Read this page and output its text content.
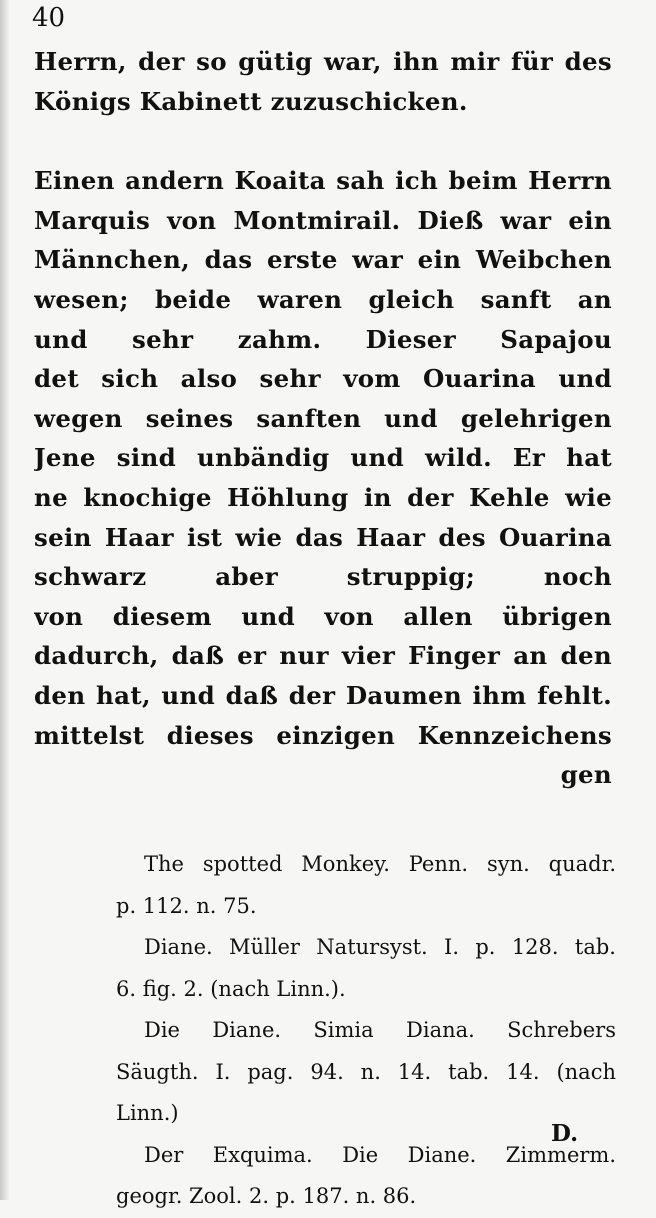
40
Herrn, der so gütig war, ihn mir für des
Königs Kabinett zuzuschicken.
Einen andern Koaita sah ich beim Herrn
Marquis von Montmirail. Dieß war ein
Männchen, das erste war ein Weibchen
wesen; beide waren gleich sanft an
und sehr zahm. Dieser Sapajou
det sich also sehr vom Ouarina und
wegen seines sanften und gelehrigen
Jene sind unbändig und wild. Er hat
ne knochige Höhlung in der Kehle wie
sein Haar ist wie das Haar des Ouarina
schwarz aber struppig; noch
von diesem und von allen übrigen
dadurch, daß er nur vier Finger an den
den hat, und daß der Daumen ihm fehlt.
mittelst dieses einzigen Kennzeichens
gen
The spotted Monkey. Penn. syn. quadr.
p. 112. n. 75.
Diane. Müller Natursyst. I. p. 128. tab.
6. fig. 2. (nach Linn.).
Die Diane. Simia Diana. Schrebers
Säugth. I. pag. 94. n. 14. tab. 14. (nach
Linn.)
Der Exquima. Die Diane. Zimmerm.
geogr. Zool. 2. p. 187. n. 86.
D.
